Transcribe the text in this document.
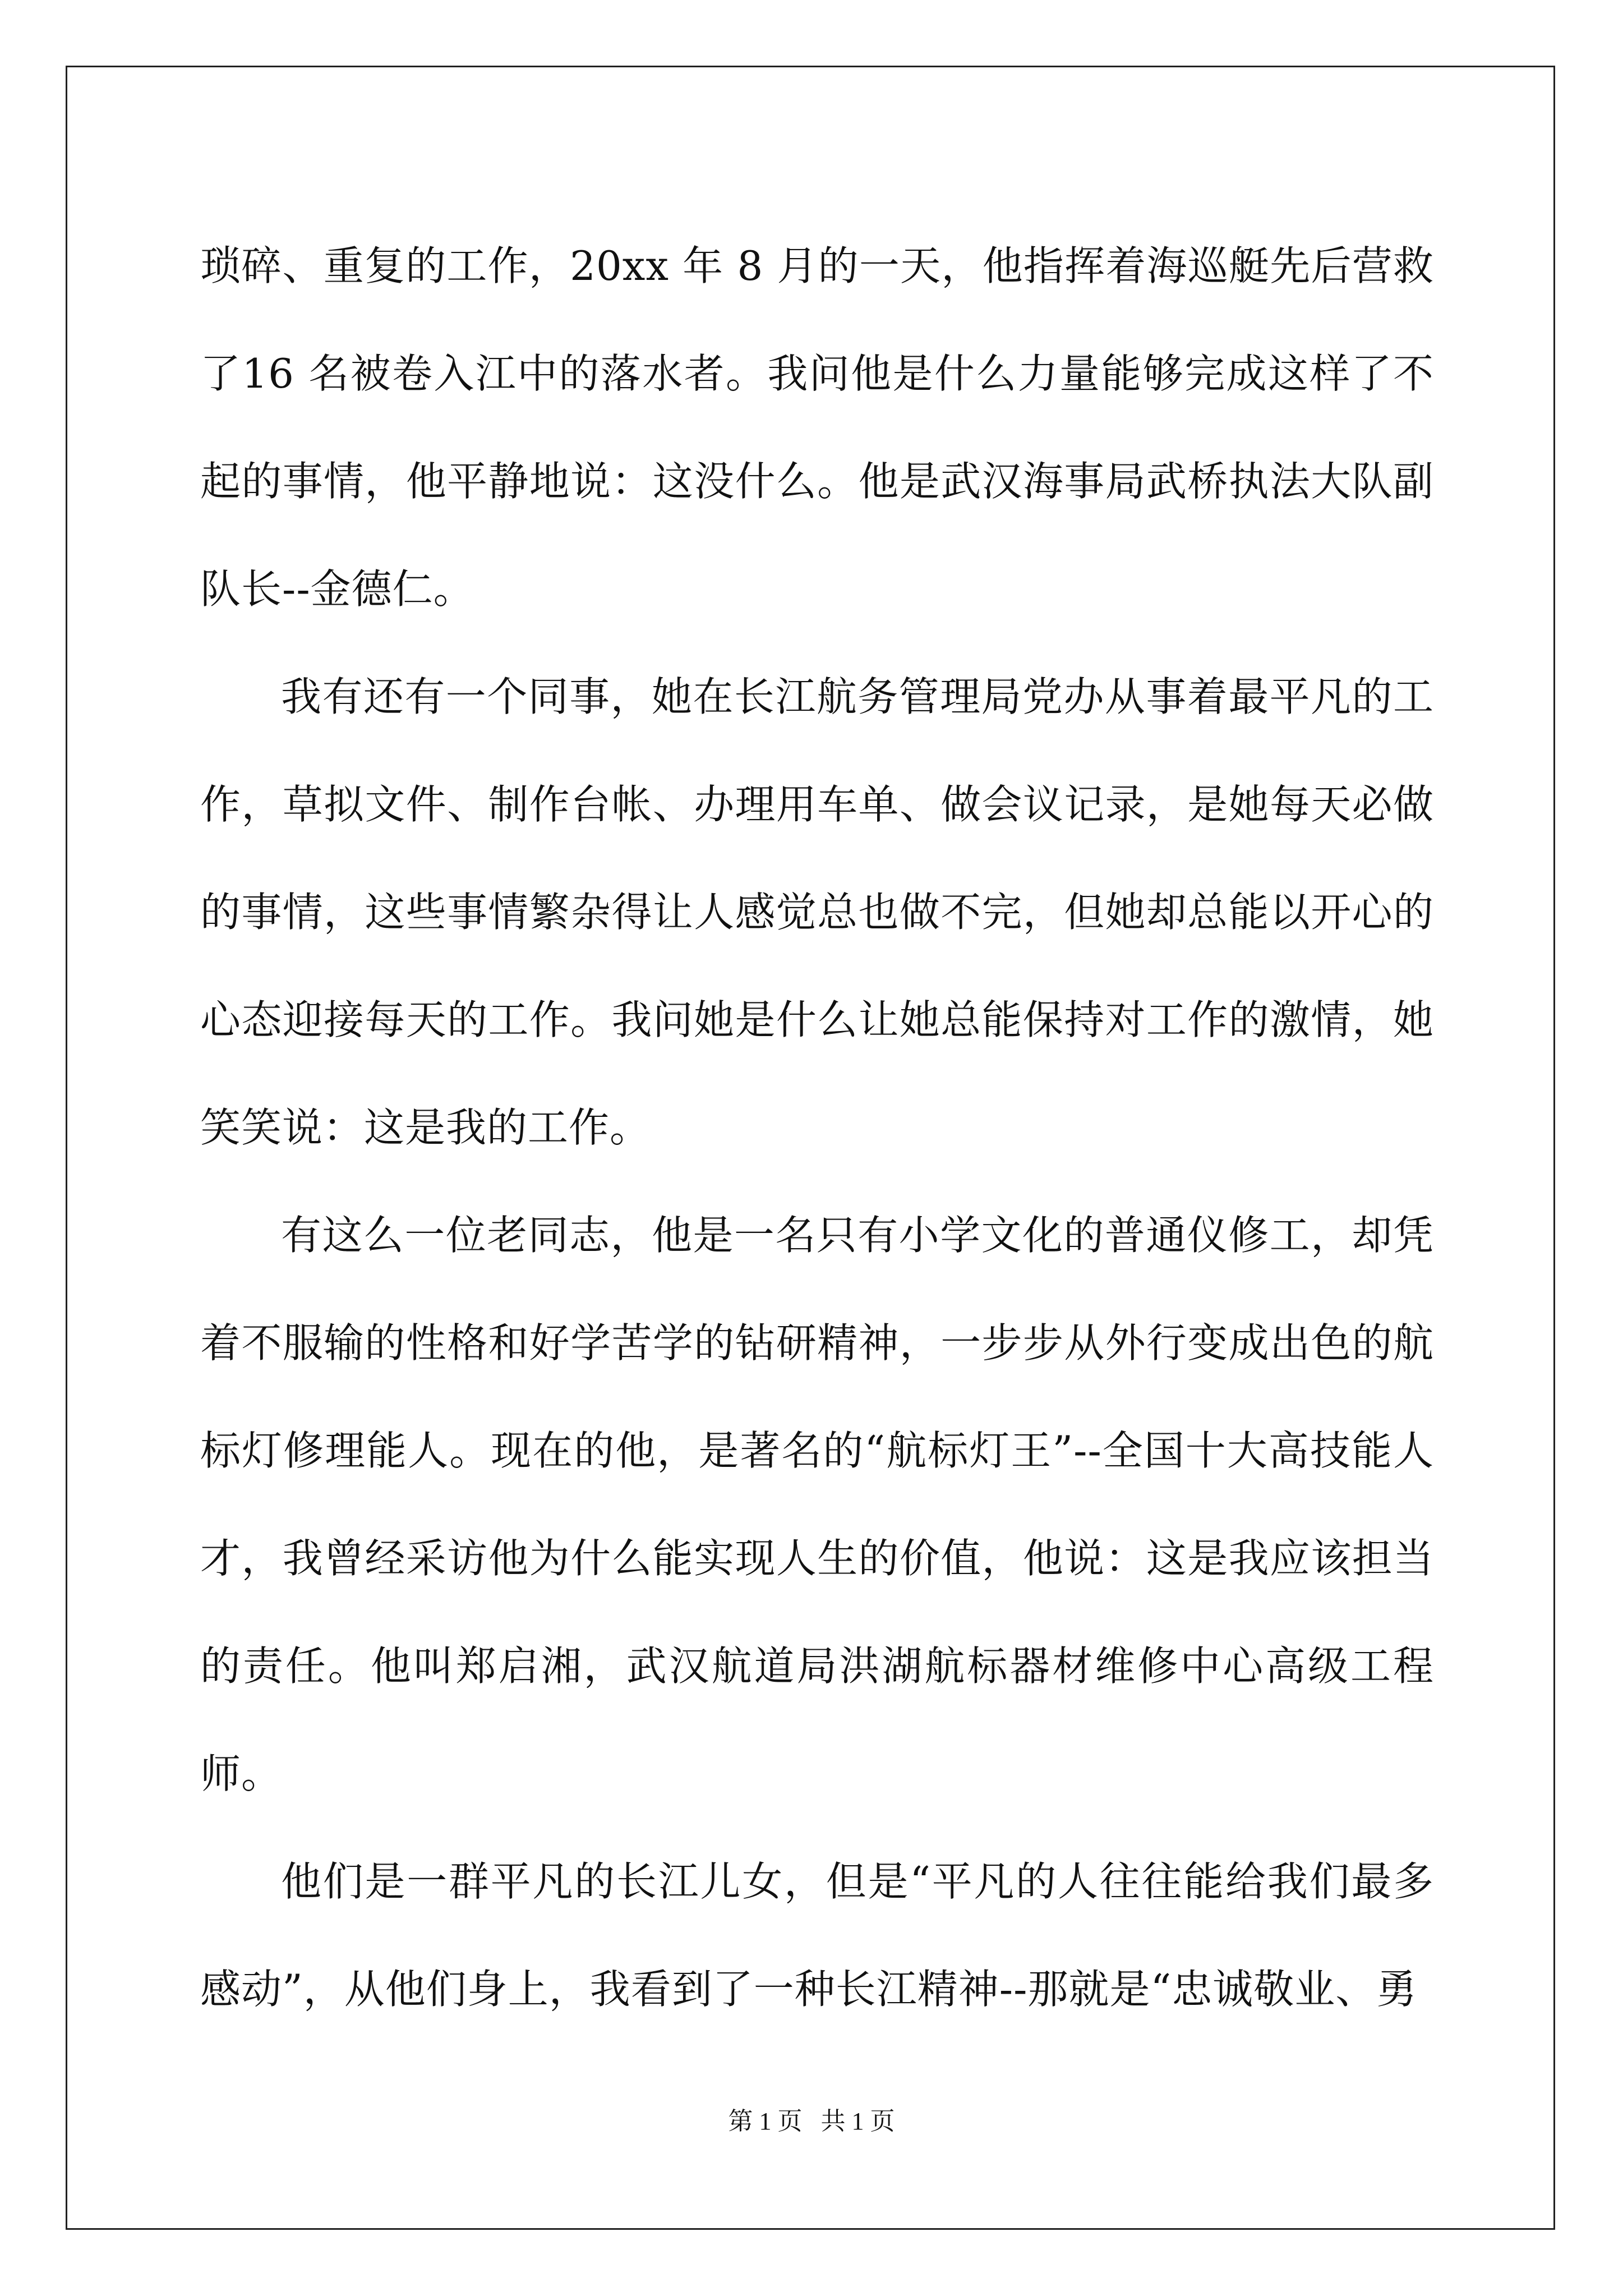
琐碎、重复的工作，20xx 年 8 月的一天，他指挥着海巡艇先后营救了16 名被卷入江中的落水者。我问他是什么力量能够完成这样了不起的事情，他平静地说：这没什么。他是武汉海事局武桥执法大队副队长--金德仁。

我有还有一个同事，她在长江航务管理局党办从事着最平凡的工作，草拟文件、制作台帐、办理用车单、做会议记录，是她每天必做的事情，这些事情繁杂得让人感觉总也做不完，但她却总能以开心的心态迎接每天的工作。我问她是什么让她总能保持对工作的激情，她笑笑说：这是我的工作。

有这么一位老同志，他是一名只有小学文化的普通仪修工，却凭着不服输的性格和好学苦学的钻研精神，一步步从外行变成出色的航标灯修理能人。现在的他，是著名的“航标灯王”--全国十大高技能人才，我曾经采访他为什么能实现人生的价值，他说：这是我应该担当的责任。他叫郑启湘，武汉航道局洪湖航标器材维修中心高级工程师。

他们是一群平凡的长江儿女，但是“平凡的人往往能给我们最多感动”，从他们身上，我看到了一种长江精神--那就是“忠诚敬业、勇

第 1 页   共 1 页
